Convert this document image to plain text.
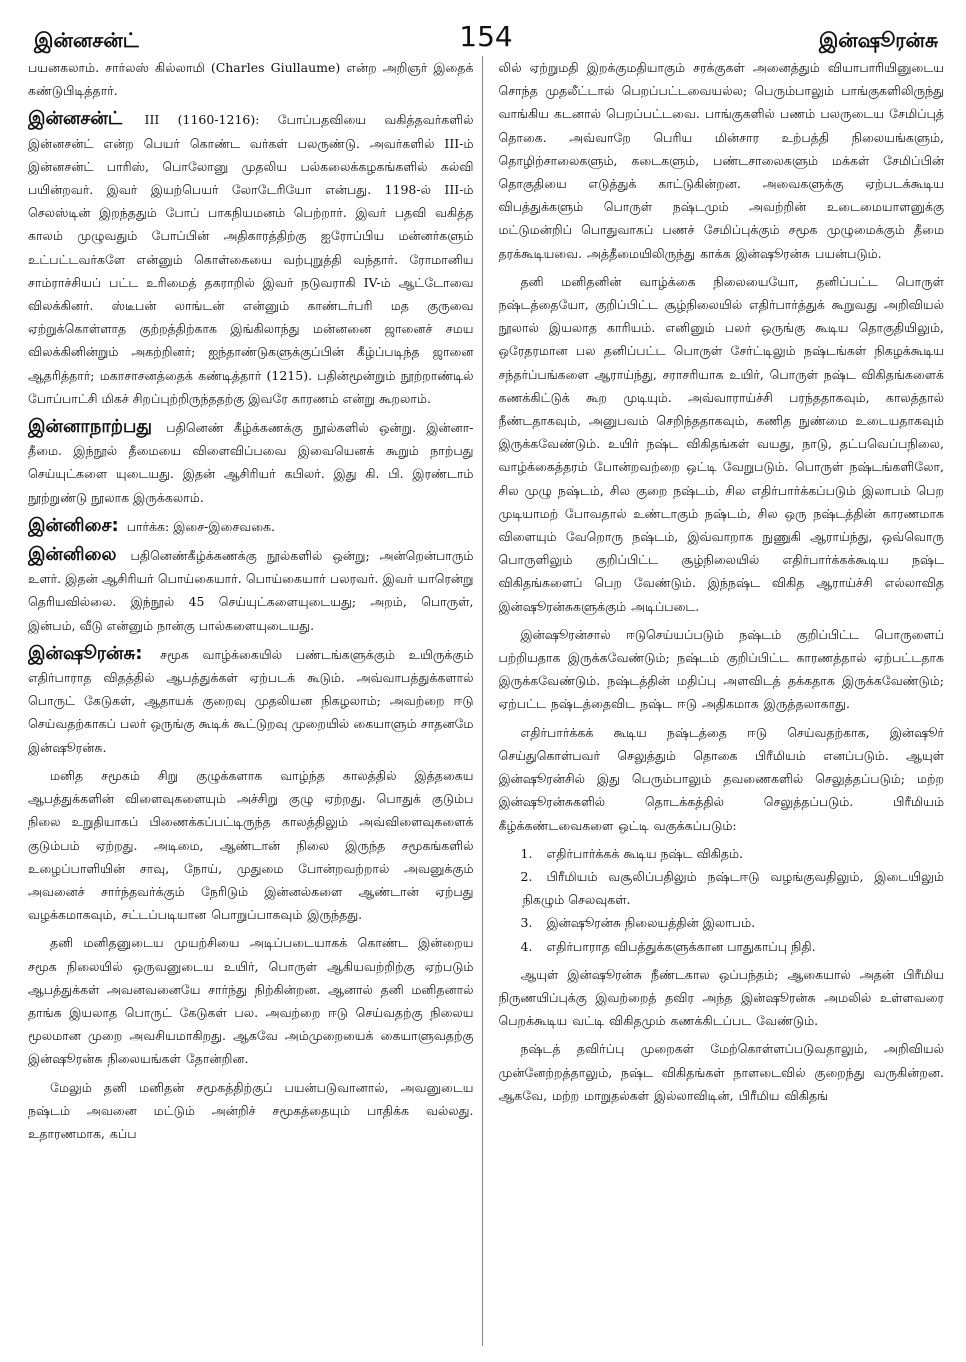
இன்னசன்ட்	154	இன்ஷூரன்சு

பயனகலாம். சார்லஸ் கில்லாமி (Charles Giullaume) என்ற அறிஞர் இதைக் கண்டுபிடித்தார்.

இன்னசன்ட் III (1160-1216): போப்பதவியை வகித்தவர்களில் இன்னசன்ட் என்ற பெயர் கொண்ட வர்கள் பலருண்டு. அவர்களில் III-ம் இன்னசன்ட் பாரிஸ், பொலோனு முதலிய பல்கலைக்கழகங்களில் கல்வி பயின்றவர். இவர் இயற்பெயர் லோடேரியோ என்பது. 1198-ல் III-ம் செலஸ்டின் இறந்ததும் போப் பாகநியமனம் பெற்றார். இவர் பதவி வகித்த காலம் முழுவதும் போப்பின் அதிகாரத்திற்கு ஐரோப்பிய மன்னர்களும் உட்பட்டவர்களே என்னும் கொள்கையை வற்புறுத்தி வந்தார். ரோமானிய சாம்ராச்சியப் பட்ட உரிமைத் தகராறில் இவர் நடுவராகி IV-ம் ஆட்டோவை விலக்கினர். ஸ்டீபன் லாங்டன் என்னும் காண்டர்பரி மத குருவை ஏற்றுக்கொள்ளாத குற்றத்திற்காக இங்கிலாந்து மன்னனை ஜானைச் சமய விலக்கினின்றும் அகற்றினர்; ஐந்தாண்டுகளுக்குப்பின் கீழ்ப்படிந்த ஜானை ஆதரித்தார்; மகாசாசனத்தைக் கண்டித்தார் (1215). பதின்மூன்றும் நூற்றாண்டில் போப்பாட்சி மிகச் சிறப்புற்றிருந்ததற்கு இவரே காரணம் என்று கூறலாம்.

இன்னாநாற்பது பதினெண் கீழ்க்கணக்கு நூல்களில் ஒன்று. இன்னா-தீமை. இந்நூல் தீமையை விளைவிப்பவை இவையெனக் கூறும் நாற்பது செய்யுட்களை யுடையது. இதன் ஆசிரியர் கபிலர். இது கி. பி. இரண்டாம் நூற்றுண்டு நூலாக இருக்கலாம்.

இன்னிசை: பார்க்க: இசை-இசைவகை.

இன்னிலை பதினெண்கீழ்க்கணக்கு நூல்களில் ஒன்று; அன்றென்பாரும் உளர். இதன் ஆசிரியர் பொய்கையார். பொய்கையார் பலரவர். இவர் யாரென்று தெரியவில்லை. இந்நூல் 45 செய்யுட்களையுடையது; அறம், பொருள், இன்பம், வீடு என்னும் நான்கு பால்களையுடையது.

இன்ஷூரன்சு: சமூக வாழ்க்கையில் பண்டங்களுக்கும் உயிருக்கும் எதிர்பாராத விதத்தில் ஆபத்துக்கள் ஏற்படக் கூடும். அவ்வாபத்துக்களால் பொருட் கேடுகள், ஆதாயக் குறைவு முதலியன நிகழலாம்; அவற்றை ஈடு செய்வதற்காகப் பலர் ஒருங்கு கூடிக் கூட்டுறவு முறையில் கையாளும் சாதனமே இன்ஷூரன்சு.

மனித சமூகம் சிறு குழுக்களாக வாழ்ந்த காலத்தில் இத்தகைய ஆபத்துக்களின் விளைவுகளையும் அச்சிறு குழு ஏற்றது. பொதுக் குடும்ப நிலை உறுதியாகப் பிணைக்கப்பட்டிருந்த காலத்திலும் அவ்விளைவுகளைக் குடும்பம் ஏற்றது. அடிமை, ஆண்டான் நிலை இருந்த சமூகங்களில் உழைப்பாளியின் சாவு, நோய், முதுமை போன்றவற்றால் அவனுக்கும் அவனைச் சார்ந்தவர்க்கும் நேரிடும் இன்னல்களை ஆண்டான் ஏற்பது வழக்கமாகவும், சட்டப்படியான பொறுப்பாகவும் இருந்தது.

தனி மனிதனுடைய முயற்சியை அடிப்படையாகக் கொண்ட இன்றைய சமூக நிலையில் ஒருவனுடைய உயிர், பொருள் ஆகியவற்றிற்கு ஏற்படும் ஆபத்துக்கள் அவனவனையே சார்ந்து நிற்கின்றன. ஆனால் தனி மனிதனால் தாங்க இயலாத பொருட் கேடுகள் பல. அவற்றை ஈடு செய்வதற்கு நிலைய மூலமான முறை அவசியமாகிறது. ஆகவே அம்முறையைக் கையாளுவதற்கு இன்ஷூரன்சு நிலையங்கள் தோன்றின.

மேலும் தனி மனிதன் சமூகத்திற்குப் பயன்படுவானால், அவனுடைய நஷ்டம் அவனை மட்டும் அன்றிச் சமூகத்தையும் பாதிக்க வல்லது. உதாரணமாக, கப்ப

லில் ஏற்றுமதி இறக்குமதியாகும் சரக்குகள் அனைத்தும் வியாபாரியினுடைய சொந்த முதலீட்டால் பெறப்பட்டவையல்ல; பெரும்பாலும் பாங்குகளிலிருந்து வாங்கிய கடனால் பெறப்பட்டவை. பாங்குகளில் பணம் பலருடைய சேமிப்புத் தொகை. அவ்வாறே பெரிய மின்சார உற்பத்தி நிலையங்களும், தொழிற்சாலைகளும், கடைகளும், பண்டசாலைகளும் மக்கள் சேமிப்பின் தொகுதியை எடுத்துக் காட்டுகின்றன. அவைகளுக்கு ஏற்படக்கூடிய விபத்துக்களும் பொருள் நஷ்டமும் அவற்றின் உடைமையாளனுக்கு மட்டுமன்றிப் பொதுவாகப் பணச் சேமிப்புக்கும் சமூக முழுமைக்கும் தீமை தரக்கூடியவை. அத்தீமையிலிருந்து காக்க இன்ஷூரன்சு பயன்படும்.

தனி மனிதனின் வாழ்க்கை நிலையையோ, தனிப்பட்ட பொருள் நஷ்டத்தையோ, குறிப்பிட்ட சூழ்நிலையில் எதிர்பார்த்துக் கூறுவது அறிவியல் நூலால் இயலாத காரியம். எனினும் பலர் ஒருங்கு கூடிய தொகுதியிலும், ஒரேதரமான பல தனிப்பட்ட பொருள் சேர்ட்டிலும் நஷ்டங்கள் நிகழக்கூடிய சந்தர்ப்பங்களை ஆராய்ந்து, சராசரியாக உயிர், பொருள் நஷ்ட விகிதங்களைக் கணக்கிட்டுக் கூற முடியும். அவ்வாராய்ச்சி பரந்ததாகவும், காலத்தால் நீண்டதாகவும், அனுபவம் செறிந்ததாகவும், கணித நுண்மை உடையதாகவும் இருக்கவேண்டும். உயிர் நஷ்ட விகிதங்கள் வயது, நாடு, தட்பவெப்பநிலை, வாழ்க்கைத்தரம் போன்றவற்றை ஒட்டி வேறுபடும். பொருள் நஷ்டங்களிலோ, சில முழு நஷ்டம், சில குறை நஷ்டம், சில எதிர்பார்க்கப்படும் இலாபம் பெற முடியாமற் போவதால் உண்டாகும் நஷ்டம், சில ஒரு நஷ்டத்தின் காரணமாக விளையும் வேறொரு நஷ்டம், இவ்வாறாக நுணுகி ஆராய்ந்து, ஒவ்வொரு பொருளிலும் குறிப்பிட்ட சூழ்நிலையில் எதிர்பார்க்கக்கூடிய நஷ்ட விகிதங்களைப் பெற வேண்டும். இந்நஷ்ட விகித ஆராய்ச்சி எல்லாவித இன்ஷூரன்சுகளுக்கும் அடிப்படை.

இன்ஷூரன்சால் ஈடுசெய்யப்படும் நஷ்டம் குறிப்பிட்ட பொருளைப் பற்றியதாக இருக்கவேண்டும்; நஷ்டம் குறிப்பிட்ட காரணத்தால் ஏற்பட்டதாக இருக்கவேண்டும். நஷ்டத்தின் மதிப்பு அளவிடத் தக்கதாக இருக்கவேண்டும்; ஏற்பட்ட நஷ்டத்தைவிட நஷ்ட ஈடு அதிகமாக இருத்தலாகாது.

எதிர்பார்க்கக் கூடிய நஷ்டத்தை ஈடு செய்வதற்காக, இன்ஷூர் செய்துகொள்பவர் செலுத்தும் தொகை பிரீமியம் எனப்படும். ஆயுள் இன்ஷூரன்சில் இது பெரும்பாலும் தவணைகளில் செலுத்தப்படும்; மற்ற இன்ஷூரன்சுகளில் தொடக்கத்தில் செலுத்தப்படும். பிரீமியம் கீழ்க்கண்டவைகளை ஒட்டி வகுக்கப்படும்:

1. எதிர்பார்க்கக் கூடிய நஷ்ட விகிதம்.

2. பிரீமியம் வசூலிப்பதிலும் நஷ்டஈடு வழங்குவதிலும், இடையிலும் நிகழும் செலவுகள்.

3. இன்ஷூரன்சு நிலையத்தின் இலாபம்.

4. எதிர்பாராத விபத்துக்களுக்கான பாதுகாப்பு நிதி.

ஆயுள் இன்ஷூரன்சு நீண்டகால ஒப்பந்தம்; ஆகையால் அதன் பிரீமிய நிருணயிப்புக்கு இவற்றைத் தவிர அந்த இன்ஷூரன்சு அமலில் உள்ளவரை பெறக்கூடிய வட்டி விகிதமும் கணக்கிடப்பட வேண்டும்.

நஷ்டத் தவிர்ப்பு முறைகள் மேற்கொள்ளப்படுவதாலும், அறிவியல் முன்னேற்றத்தாலும், நஷ்ட விகிதங்கள் நாளடைவில் குறைந்து வருகின்றன. ஆகவே, மற்ற மாறுதல்கள் இல்லாவிடின், பிரீமிய விகிதங்
